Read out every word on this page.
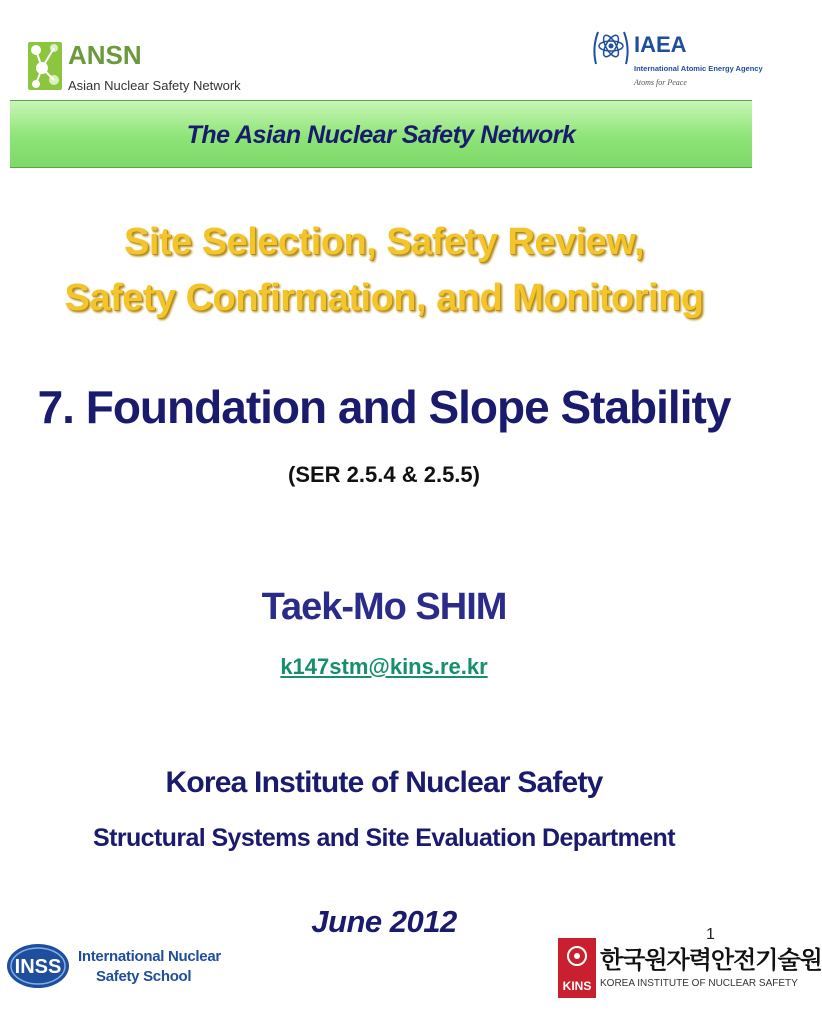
ANSN
Asian Nuclear Safety Network
IAEA
International Atomic Energy Agency
Atoms for Peace
The Asian Nuclear Safety Network
Site Selection, Safety Review,
Safety Confirmation, and Monitoring
7. Foundation and Slope Stability
(SER 2.5.4 & 2.5.5)
Taek-Mo SHIM
k147stm@kins.re.kr
Korea Institute of Nuclear Safety
Structural Systems and Site Evaluation Department
June 2012	1
INSS International Nuclear
Safety School
KINS
한국원자력안전기술원
KOREA INSTITUTE OF NUCLEAR SAFETY
